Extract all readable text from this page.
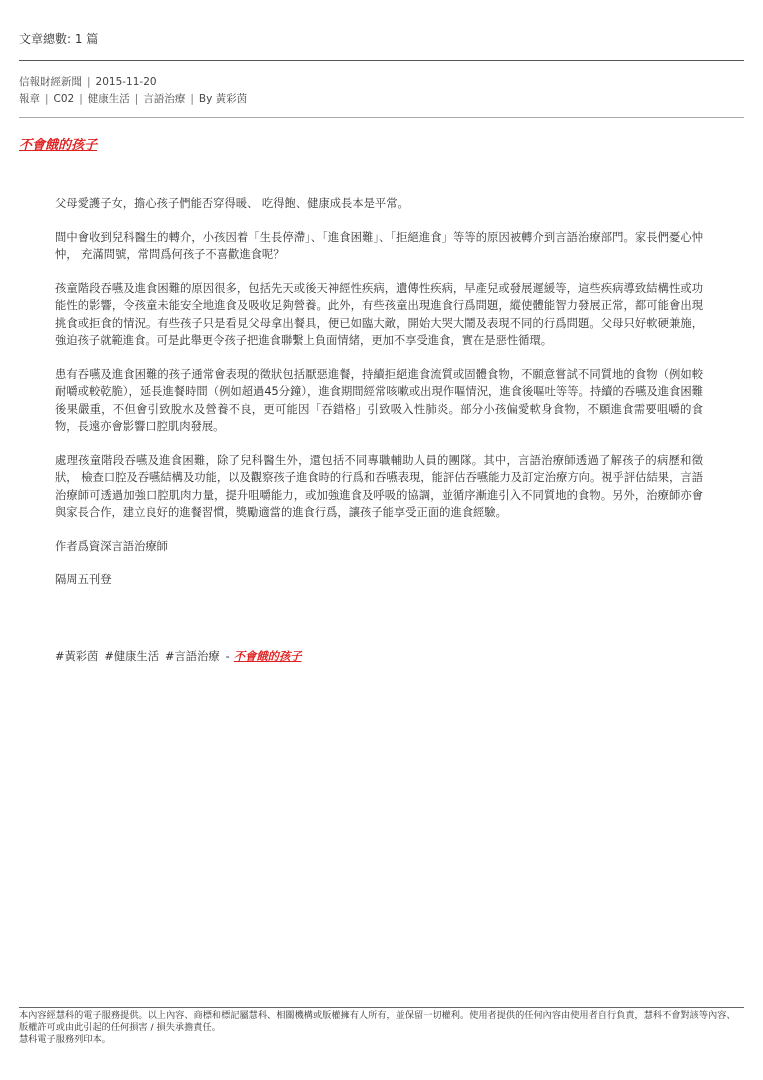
文章總數: 1 篇
信報財經新聞 | 2015-11-20
報章 | C02 | 健康生活 | 言語治療 | By 黃彩茵
不會餓的孩子

父母愛護子女，擔心孩子們能否穿得暖、 吃得飽、健康成長本是平常。

間中會收到兒科醫生的轉介，小孩因着「生長停滯」、「進食困難」、「拒絕進食」等等的原因被轉介到言語治療部門。家長們憂心忡忡， 充滿問號，常問爲何孩子不喜歡進食呢？

孩童階段吞嚥及進食困難的原因很多，包括先天或後天神經性疾病，遺傳性疾病，早產兒或發展遲緩等，這些疾病導致結構性或功能性的影響，令孩童未能安全地進食及吸收足夠營養。此外，有些孩童出現進食行爲問題，縱使體能智力發展正常，都可能會出現挑食或拒食的情況。有些孩子只是看見父母拿出餐具，便已如臨大敵，開始大哭大鬧及表現不同的行爲問題。父母只好軟硬兼施，強迫孩子就範進食。可是此舉更令孩子把進食聯繫上負面情緒，更加不享受進食，實在是惡性循環。

患有吞嚥及進食困難的孩子通常會表現的徵狀包括厭惡進餐，持續拒絕進食流質或固體食物，不願意嘗試不同質地的食物（例如較耐嚼或較乾脆），延長進餐時間（例如超過45分鐘），進食期間經常咳嗽或出現作嘔情況，進食後嘔吐等等。持續的吞嚥及進食困難後果嚴重，不但會引致脫水及營養不良，更可能因「吞錯格」引致吸入性肺炎。部分小孩偏愛軟身食物，不願進食需要咀嚼的食物，長遠亦會影響口腔肌肉發展。

處理孩童階段吞嚥及進食困難，除了兒科醫生外，還包括不同專職輔助人員的團隊。其中，言語治療師透過了解孩子的病歷和徵狀， 檢查口腔及吞嚥結構及功能，以及觀察孩子進食時的行爲和吞嚥表現，能評估吞嚥能力及訂定治療方向。視乎評估結果，言語治療師可透過加強口腔肌肉力量，提升咀嚼能力，或加強進食及呼吸的協調，並循序漸進引入不同質地的食物。另外，治療師亦會與家長合作，建立良好的進餐習慣，獎勵適當的進食行爲，讓孩子能享受正面的進食經驗。

作者爲資深言語治療師

隔周五刊登

#黃彩茵 #健康生活 #言語治療 - 不會餓的孩子
本內容經慧科的電子服務提供。以上內容、商標和標記屬慧科、相關機構或版權擁有人所有，並保留一切權利。使用者提供的任何內容由使用者自行負責，慧科不會對該等內容、版權許可或由此引起的任何損害 / 損失承擔責任。
慧科電子服務列印本。
